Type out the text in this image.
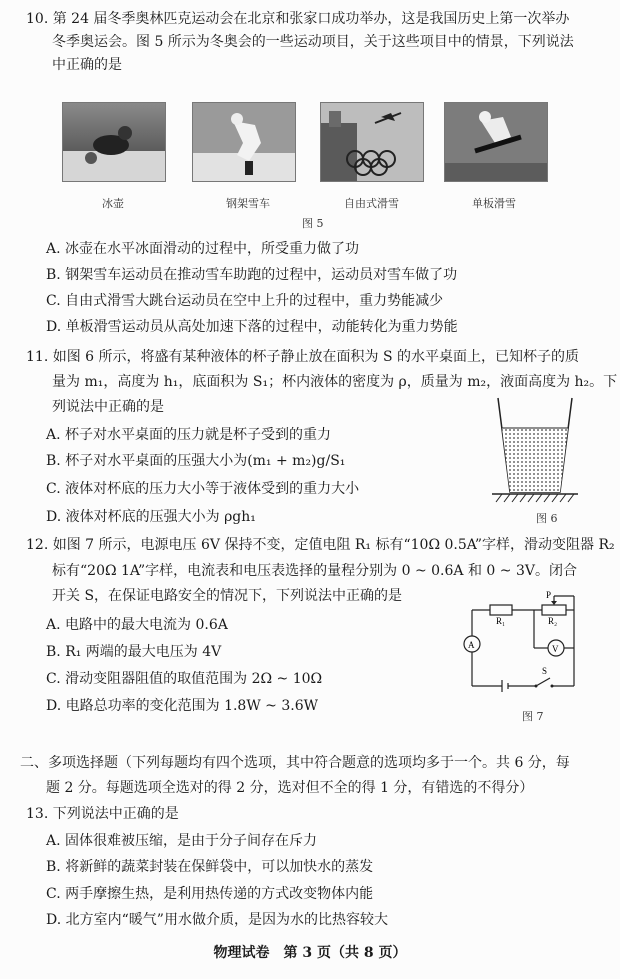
10. 第 24 届冬季奥林匹克运动会在北京和张家口成功举办，这是我国历史上第一次举办
冬季奥运会。图 5 所示为冬奥会的一些运动项目，关于这些项目中的情景，下列说法
中正确的是
冰壶	钢架雪车	自由式滑雪	单板滑雪
图 5
A. 冰壶在水平冰面滑动的过程中，所受重力做了功
B. 钢架雪车运动员在推动雪车助跑的过程中，运动员对雪车做了功
C. 自由式滑雪大跳台运动员在空中上升的过程中，重力势能减少
D. 单板滑雪运动员从高处加速下落的过程中，动能转化为重力势能
11. 如图 6 所示，将盛有某种液体的杯子静止放在面积为 S 的水平桌面上，已知杯子的质
量为 m₁，高度为 h₁，底面积为 S₁；杯内液体的密度为 ρ，质量为 m₂，液面高度为 h₂。下
列说法中正确的是
A. 杯子对水平桌面的压力就是杯子受到的重力
B. 杯子对水平桌面的压强大小为(m₁ + m₂)g/S₁
C. 液体对杯底的压力大小等于液体受到的重力大小
D. 液体对杯底的压强大小为 ρgh₁	图 6
12. 如图 7 所示，电源电压 6V 保持不变，定值电阻 R₁ 标有“10Ω 0.5A”字样，滑动变阻器 R₂
标有“20Ω 1A”字样，电流表和电压表选择的量程分别为 0 ~ 0.6A 和 0 ~ 3V。闭合
开关 S，在保证电路安全的情况下，下列说法中正确的是
A. 电路中的最大电流为 0.6A
B. R₁ 两端的最大电压为 4V
C. 滑动变阻器阻值的取值范围为 2Ω ~ 10Ω
D. 电路总功率的变化范围为 1.8W ~ 3.6W
R₁	R₂
P
S
A	V
图 7
二、多项选择题（下列每题均有四个选项，其中符合题意的选项均多于一个。共 6 分，每
题 2 分。每题选项全选对的得 2 分，选对但不全的得 1 分，有错选的不得分）
13. 下列说法中正确的是
A. 固体很难被压缩，是由于分子间存在斥力
B. 将新鲜的蔬菜封装在保鲜袋中，可以加快水的蒸发
C. 两手摩擦生热，是利用热传递的方式改变物体内能
D. 北方室内“暖气”用水做介质，是因为水的比热容较大
物理试卷　第 3 页（共 8 页）
